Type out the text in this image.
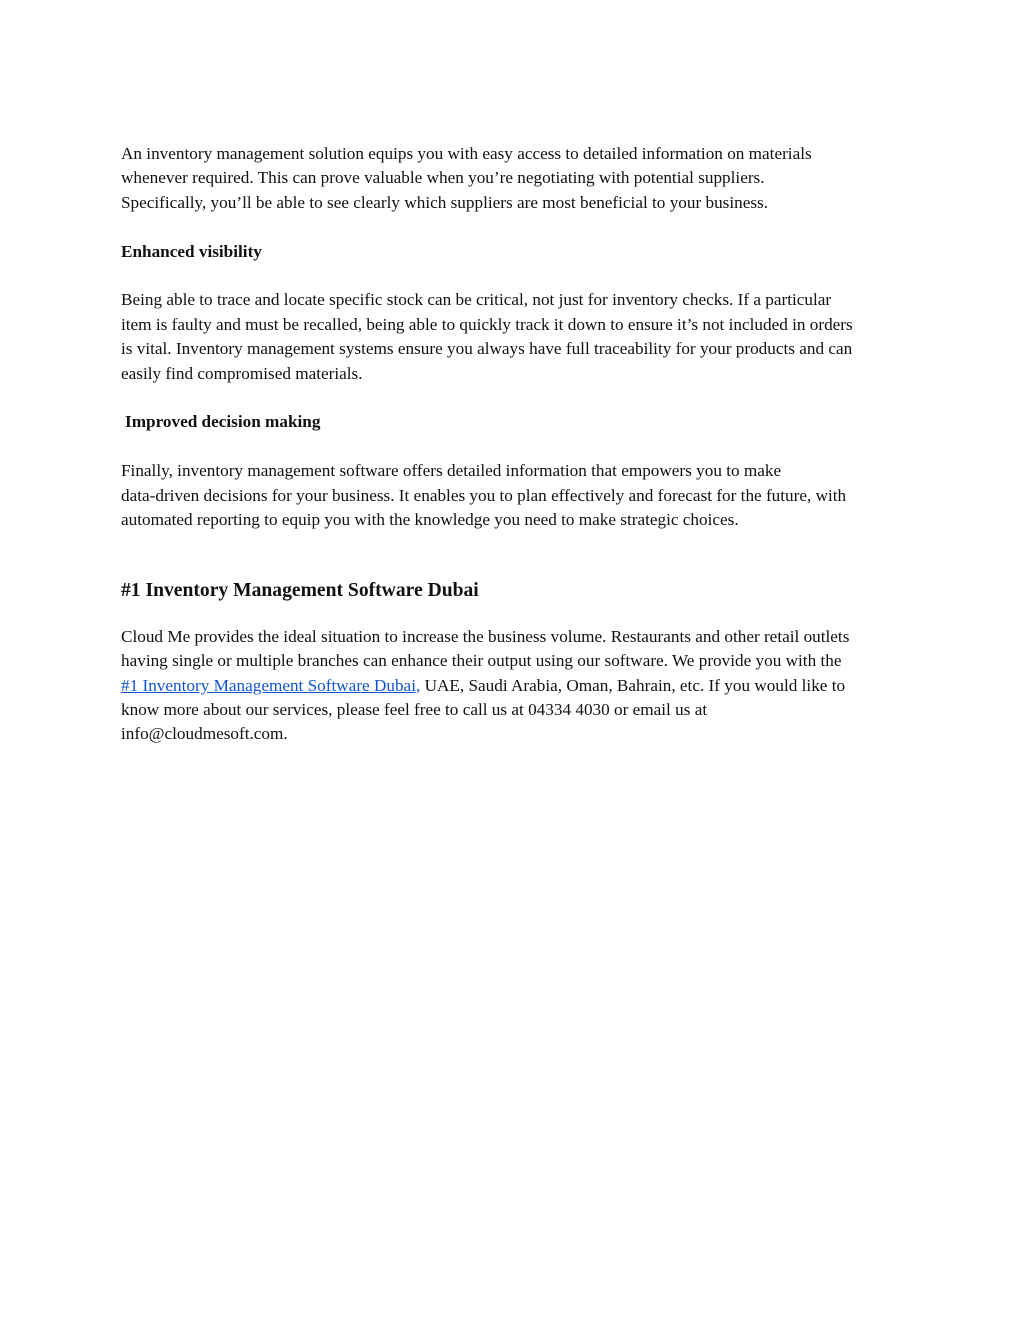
An inventory management solution equips you with easy access to detailed information on materials
whenever required. This can prove valuable when you’re negotiating with potential suppliers.
Specifically, you’ll be able to see clearly which suppliers are most beneficial to your business.

Enhanced visibility

Being able to trace and locate specific stock can be critical, not just for inventory checks. If a particular
item is faulty and must be recalled, being able to quickly track it down to ensure it’s not included in orders
is vital. Inventory management systems ensure you always have full traceability for your products and can
easily find compromised materials.

Improved decision making

Finally, inventory management software offers detailed information that empowers you to make
data-driven decisions for your business. It enables you to plan effectively and forecast for the future, with
automated reporting to equip you with the knowledge you need to make strategic choices.

#1 Inventory Management Software Dubai

Cloud Me provides the ideal situation to increase the business volume. Restaurants and other retail outlets
having single or multiple branches can enhance their output using our software. We provide you with the
#1 Inventory Management Software Dubai, UAE, Saudi Arabia, Oman, Bahrain, etc. If you would like to
know more about our services, please feel free to call us at 04334 4030 or email us at
info@cloudmesoft.com.
